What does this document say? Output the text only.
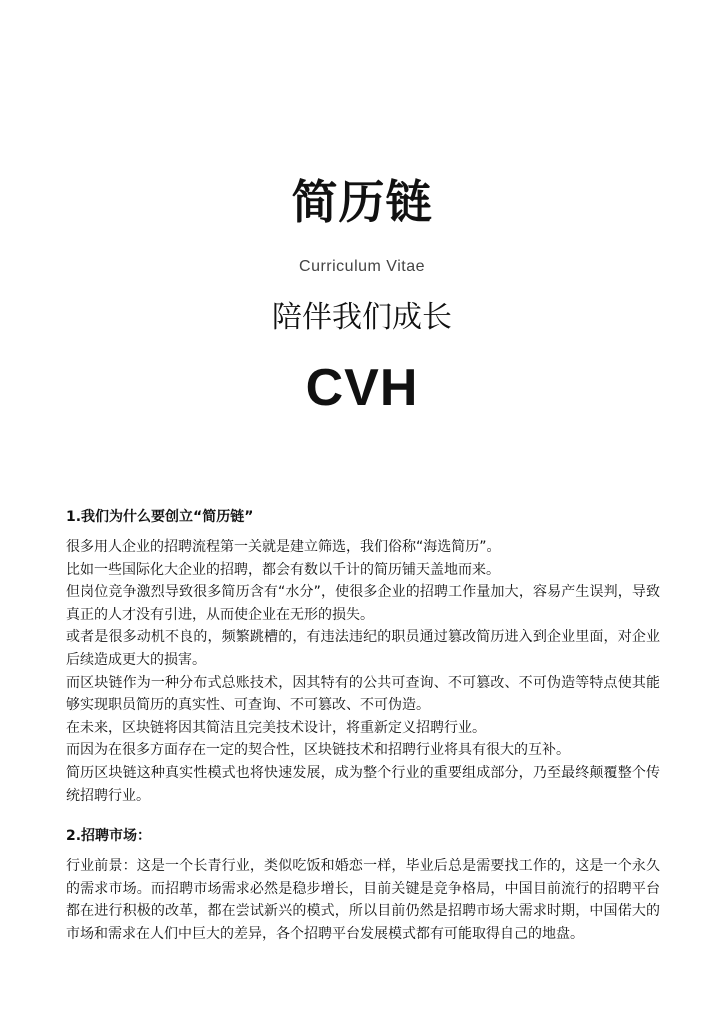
简历链
Curriculum Vitae
陪伴我们成长
CVH
1.我们为什么要创立“简历链”

很多用人企业的招聘流程第一关就是建立筛选，我们俗称“海选简历”。

比如一些国际化大企业的招聘，都会有数以千计的简历铺天盖地而来。

但岗位竞争激烈导致很多简历含有“水分”，使很多企业的招聘工作量加大，容易产生误判，导致真正的人才没有引进，从而使企业在无形的损失。

或者是很多动机不良的，频繁跳槽的，有违法违纪的职员通过篡改简历进入到企业里面，对企业后续造成更大的损害。

而区块链作为一种分布式总账技术，因其特有的公共可查询、不可篡改、不可伪造等特点使其能够实现职员简历的真实性、可查询、不可篡改、不可伪造。

在未来，区块链将因其简洁且完美技术设计，将重新定义招聘行业。

而因为在很多方面存在一定的契合性，区块链技术和招聘行业将具有很大的互补。

简历区块链这种真实性模式也将快速发展，成为整个行业的重要组成部分，乃至最终颠覆整个传统招聘行业。

2.招聘市场：

行业前景：这是一个长青行业，类似吃饭和婚恋一样，毕业后总是需要找工作的，这是一个永久的需求市场。而招聘市场需求必然是稳步增长，目前关键是竞争格局，中国目前流行的招聘平台都在进行积极的改革，都在尝试新兴的模式，所以目前仍然是招聘市场大需求时期，中国偌大的市场和需求在人们中巨大的差异，各个招聘平台发展模式都有可能取得自己的地盘。
